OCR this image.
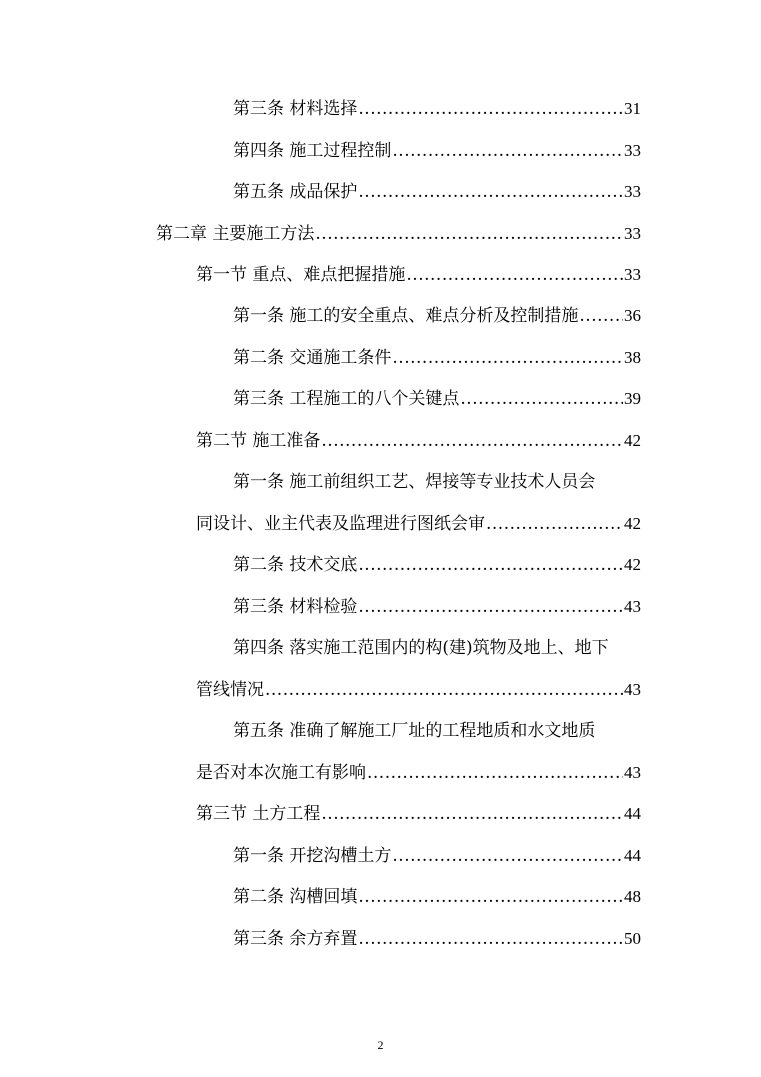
第三条 材料选择 .....	31
第四条 施工过程控制 .....	33
第五条 成品保护 .....	33
第二章 主要施工方法 .....	33
第一节 重点、难点把握措施 .....	33
第一条 施工的安全重点、难点分析及控制措施 .....	36
第二条 交通施工条件 .....	38
第三条 工程施工的八个关键点 .....	39
第二节 施工准备 .....	42
第一条 施工前组织工艺、焊接等专业技术人员会
同设计、业主代表及监理进行图纸会审 .....	42
第二条 技术交底 .....	42
第三条 材料检验 .....	43
第四条 落实施工范围内的构(建)筑物及地上、地下
管线情况 .....	43
第五条 准确了解施工厂址的工程地质和水文地质
是否对本次施工有影响 .....	43
第三节 土方工程 .....	44
第一条 开挖沟槽土方 .....	44
第二条 沟槽回填 .....	48
第三条 余方弃置 .....	50
2
